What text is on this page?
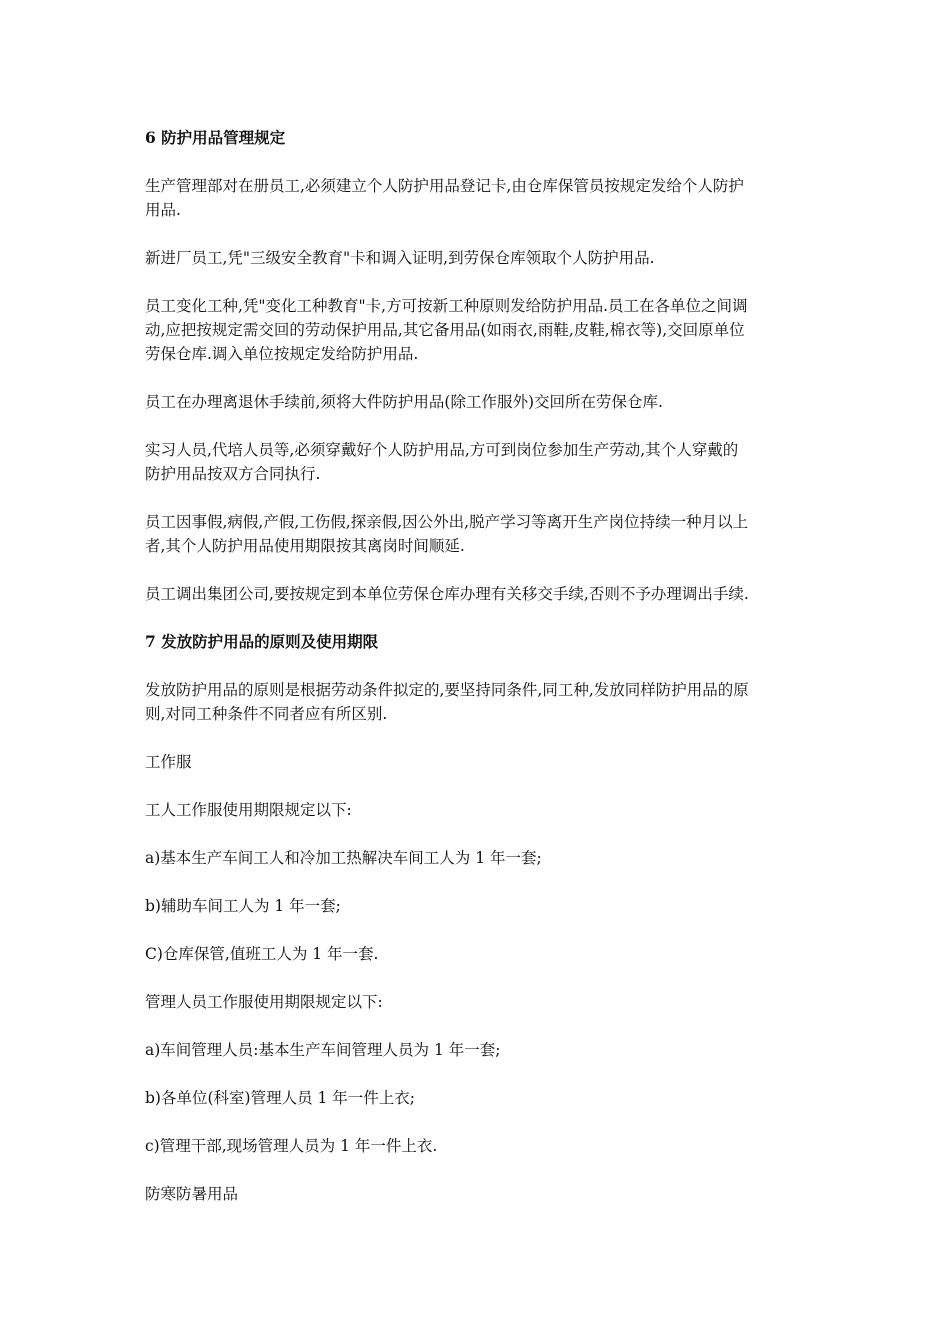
6 防护用品管理规定

生产管理部对在册员工,必须建立个人防护用品登记卡,由仓库保管员按规定发给个人防护

用品.

新进厂员工,凭"三级安全教育"卡和调入证明,到劳保仓库领取个人防护用品.

员工变化工种,凭"变化工种教育"卡,方可按新工种原则发给防护用品.员工在各单位之间调

动,应把按规定需交回的劳动保护用品,其它备用品(如雨衣,雨鞋,皮鞋,棉衣等),交回原单位

劳保仓库.调入单位按规定发给防护用品.

员工在办理离退休手续前,须将大件防护用品(除工作服外)交回所在劳保仓库.

实习人员,代培人员等,必须穿戴好个人防护用品,方可到岗位参加生产劳动,其个人穿戴的

防护用品按双方合同执行.

员工因事假,病假,产假,工伤假,探亲假,因公外出,脱产学习等离开生产岗位持续一种月以上

者,其个人防护用品使用期限按其离岗时间顺延.

员工调出集团公司,要按规定到本单位劳保仓库办理有关移交手续,否则不予办理调出手续.

7 发放防护用品的原则及使用期限

发放防护用品的原则是根据劳动条件拟定的,要坚持同条件,同工种,发放同样防护用品的原

则,对同工种条件不同者应有所区别.

工作服

工人工作服使用期限规定以下:

a)基本生产车间工人和冷加工热解决车间工人为 1 年一套;

b)辅助车间工人为 1 年一套;

C)仓库保管,值班工人为 1 年一套.

管理人员工作服使用期限规定以下:

a)车间管理人员:基本生产车间管理人员为 1 年一套;

b)各单位(科室)管理人员 1 年一件上衣;

c)管理干部,现场管理人员为 1 年一件上衣.

防寒防暑用品
